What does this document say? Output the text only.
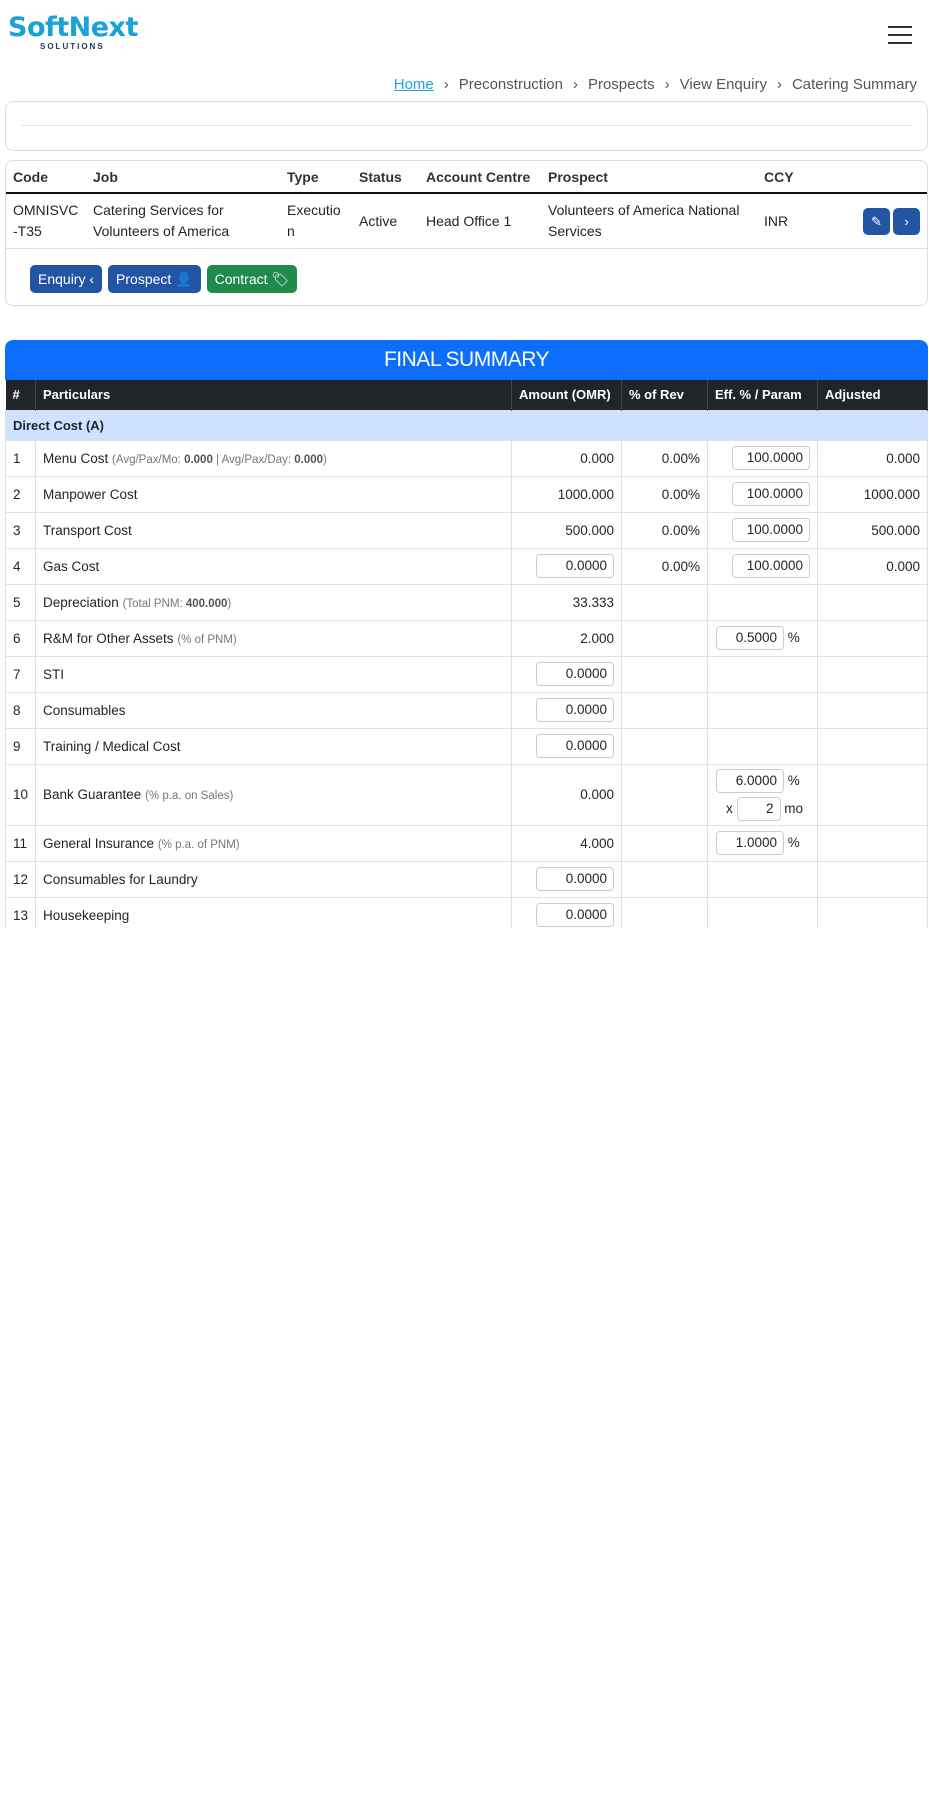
SoftNext
SOLUTIONS
Home › Preconstruction › Prospects › View Enquiry › Catering Summary
Code	Job	Type	Status	Account Centre	Prospect	CCY	
OMNISVC-T35	Catering Services for Volunteers of America	Execution	Active	Head Office 1	Volunteers of America National Services	INR	✎ ›
Enquiry ‹	Prospect 👤	Contract 🏷
FINAL SUMMARY
#	Particulars	Amount (OMR)	% of Rev	Eff. % / Param	Adjusted
Direct Cost (A)					
1	Menu Cost (Avg/Pax/Mo: 0.000 | Avg/Pax/Day: 0.000)	0.000	0.00%	100.0000	0.000
2	Manpower Cost	1000.000	0.00%	100.0000	1000.000
3	Transport Cost	500.000	0.00%	100.0000	500.000
4	Gas Cost	0.0000	0.00%	100.0000	0.000
5	Depreciation (Total PNM: 400.000)	33.333			
6	R&M for Other Assets (% of PNM)	2.000		0.5000 %	
7	STI	0.0000			
8	Consumables	0.0000			
9	Training / Medical Cost	0.0000			
10	Bank Guarantee (% p.a. on Sales)	0.000		6.0000 %
x 2 mo	

11	General Insurance (% p.a. of PNM)	4.000		1.0000 %	
12	Consumables for Laundry	0.0000			
13	Housekeeping	0.0000			
